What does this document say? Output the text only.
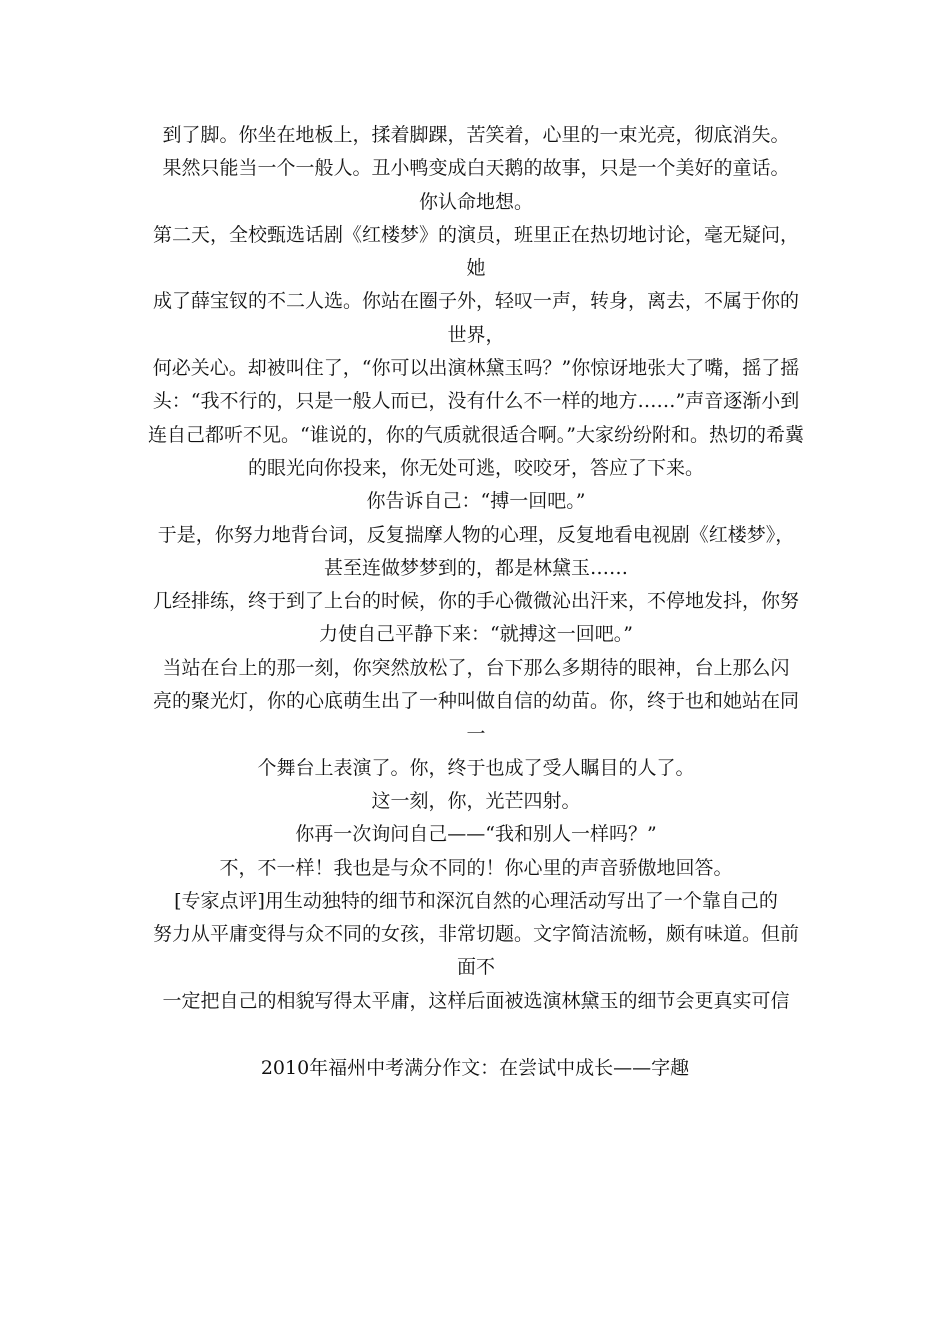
到了脚。你坐在地板上，揉着脚踝，苦笑着，心里的一束光亮，彻底消失。

果然只能当一个一般人。丑小鸭变成白天鹅的故事，只是一个美好的童话。

你认命地想。

第二天，全校甄选话剧《红楼梦》的演员，班里正在热切地讨论，毫无疑问，她

成了薛宝钗的不二人选。你站在圈子外，轻叹一声，转身，离去，不属于你的世界，

何必关心。却被叫住了，“你可以出演林黛玉吗？”你惊讶地张大了嘴，摇了摇

头：“我不行的，只是一般人而已，没有什么不一样的地方……”声音逐渐小到

连自己都听不见。“谁说的，你的气质就很适合啊。”大家纷纷附和。热切的希冀

的眼光向你投来，你无处可逃，咬咬牙，答应了下来。

你告诉自己：“搏一回吧。”

于是，你努力地背台词，反复揣摩人物的心理，反复地看电视剧《红楼梦》，

甚至连做梦梦到的，都是林黛玉……

几经排练，终于到了上台的时候，你的手心微微沁出汗来，不停地发抖，你努

力使自己平静下来：“就搏这一回吧。”

当站在台上的那一刻，你突然放松了，台下那么多期待的眼神，台上那么闪

亮的聚光灯，你的心底萌生出了一种叫做自信的幼苗。你，终于也和她站在同一

个舞台上表演了。你，终于也成了受人瞩目的人了。

这一刻，你，光芒四射。

你再一次询问自己——“我和别人一样吗？”

不，不一样！我也是与众不同的！你心里的声音骄傲地回答。

[专家点评]用生动独特的细节和深沉自然的心理活动写出了一个靠自己的

努力从平庸变得与众不同的女孩，非常切题。文字简洁流畅，颇有味道。但前面不

一定把自己的相貌写得太平庸，这样后面被选演林黛玉的细节会更真实可信

2010年福州中考满分作文：在尝试中成长——字趣
